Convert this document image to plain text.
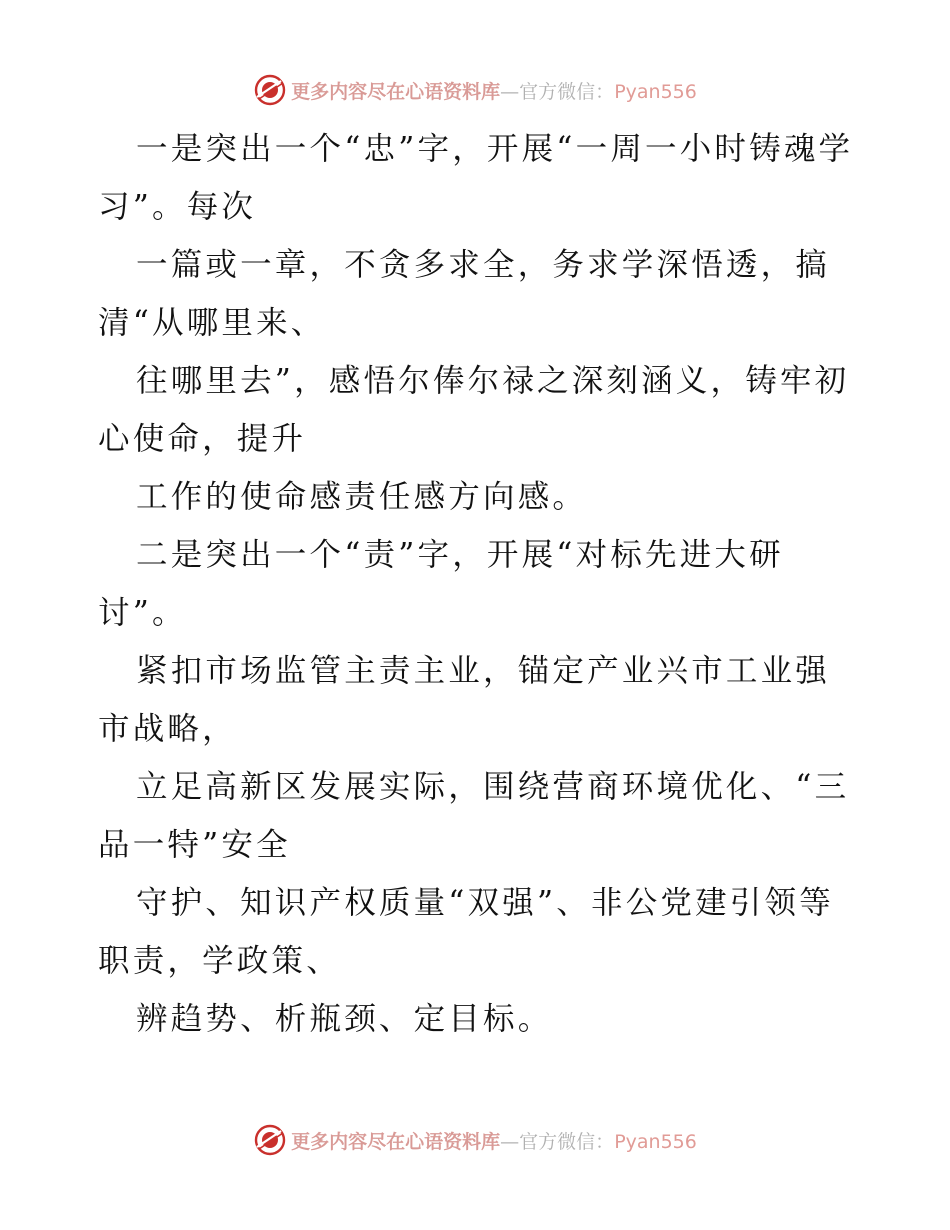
更多内容尽在心语资料库—官方微信：Pyan556

一是突出一个“忠”字，开展“一周一小时铸魂学习”。每次

一篇或一章，不贪多求全，务求学深悟透，搞清“从哪里来、

往哪里去”，感悟尔俸尔禄之深刻涵义，铸牢初心使命，提升

工作的使命感责任感方向感。

二是突出一个“责”字，开展“对标先进大研讨”。

紧扣市场监管主责主业，锚定产业兴市工业强市战略，

立足高新区发展实际，围绕营商环境优化、“三品一特”安全

守护、知识产权质量“双强”、非公党建引领等职责，学政策、

辨趋势、析瓶颈、定目标。

更多内容尽在心语资料库—官方微信：Pyan556
